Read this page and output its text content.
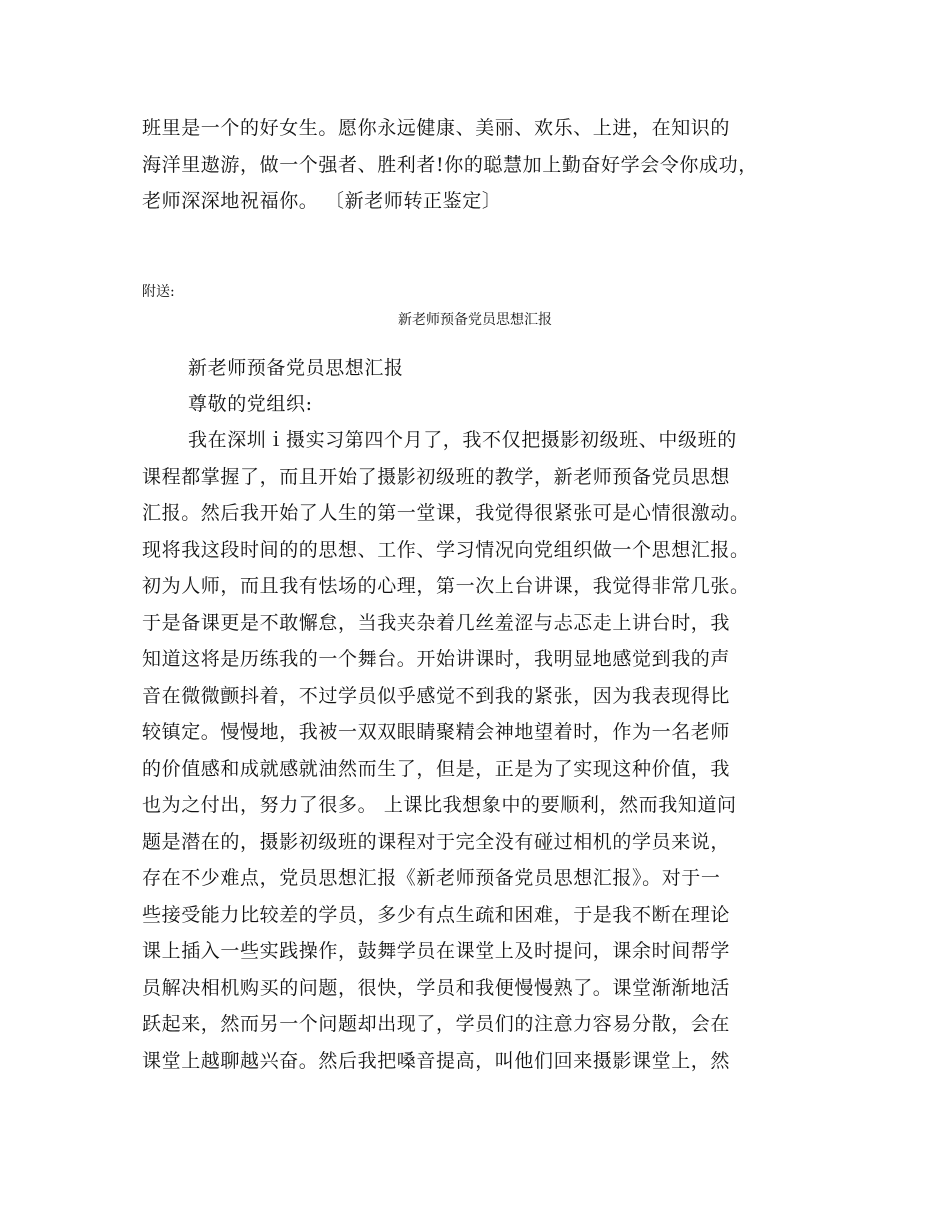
班里是一个的好女生。愿你永远健康、美丽、欢乐、上进，在知识的
海洋里遨游，做一个强者、胜利者!你的聪慧加上勤奋好学会令你成功，
老师深深地祝福你。 〔新老师转正鉴定〕
附送:
新老师预备党员思想汇报
新老师预备党员思想汇报
尊敬的党组织:
我在深圳ｉ摄实习第四个月了，我不仅把摄影初级班、中级班的
课程都掌握了，而且开始了摄影初级班的教学，新老师预备党员思想
汇报。然后我开始了人生的第一堂课，我觉得很紧张可是心情很激动。
现将我这段时间的的思想、工作、学习情况向党组织做一个思想汇报。
初为人师，而且我有怯场的心理，第一次上台讲课，我觉得非常几张。
于是备课更是不敢懈怠，当我夹杂着几丝羞涩与忐忑走上讲台时，我
知道这将是历练我的一个舞台。开始讲课时，我明显地感觉到我的声
音在微微颤抖着，不过学员似乎感觉不到我的紧张，因为我表现得比
较镇定。慢慢地，我被一双双眼睛聚精会神地望着时，作为一名老师
的价值感和成就感就油然而生了，但是，正是为了实现这种价值，我
也为之付出，努力了很多。 上课比我想象中的要顺利，然而我知道问
题是潜在的，摄影初级班的课程对于完全没有碰过相机的学员来说，
存在不少难点，党员思想汇报《新老师预备党员思想汇报》。对于一
些接受能力比较差的学员，多少有点生疏和困难，于是我不断在理论
课上插入一些实践操作，鼓舞学员在课堂上及时提问，课余时间帮学
员解决相机购买的问题，很快，学员和我便慢慢熟了。课堂渐渐地活
跃起来，然而另一个问题却出现了，学员们的注意力容易分散，会在
课堂上越聊越兴奋。然后我把嗓音提高，叫他们回来摄影课堂上，然
